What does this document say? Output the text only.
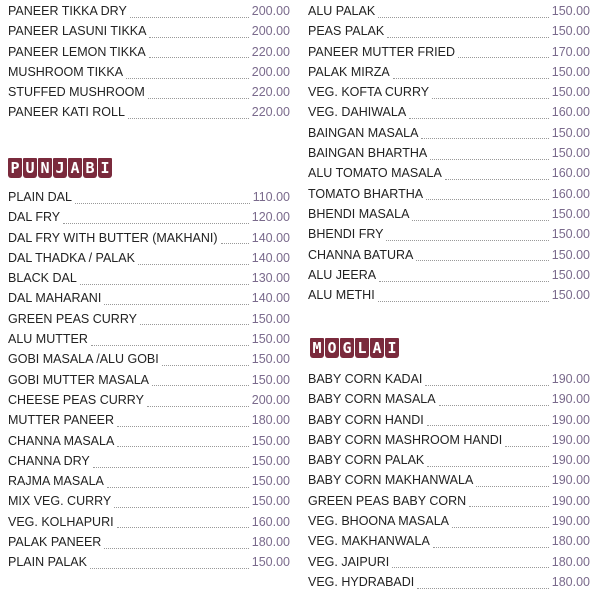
PANEER TIKKA DRY	200.00
PANEER LASUNI TIKKA	200.00
PANEER LEMON TIKKA	220.00
MUSHROOM TIKKA	200.00
STUFFED MUSHROOM	220.00
PANEER KATI ROLL	220.00
P U N J A B I
PLAIN DAL	110.00
DAL FRY	120.00
DAL FRY WITH BUTTER (MAKHANI)	140.00
DAL THADKA / PALAK	140.00
BLACK DAL	130.00
DAL MAHARANI	140.00
GREEN PEAS CURRY	150.00
ALU MUTTER	150.00
GOBI MASALA /ALU GOBI	150.00
GOBI MUTTER MASALA	150.00
CHEESE PEAS CURRY	200.00
MUTTER PANEER	180.00
CHANNA MASALA	150.00
CHANNA DRY	150.00
RAJMA MASALA	150.00
MIX VEG. CURRY	150.00
VEG. KOLHAPURI	160.00
PALAK PANEER	180.00
PLAIN PALAK	150.00
ALU PALAK	150.00
PEAS PALAK	150.00
PANEER MUTTER FRIED	170.00
PALAK MIRZA	150.00
VEG. KOFTA CURRY	150.00
VEG. DAHIWALA	160.00
BAINGAN MASALA	150.00
BAINGAN BHARTHA	150.00
ALU TOMATO MASALA	160.00
TOMATO BHARTHA	160.00
BHENDI MASALA	150.00
BHENDI FRY	150.00
CHANNA BATURA	150.00
ALU JEERA	150.00
ALU METHI	150.00
M O G L A I
BABY CORN KADAI	190.00
BABY CORN MASALA	190.00
BABY CORN HANDI	190.00
BABY CORN MASHROOM HANDI	190.00
BABY CORN PALAK	190.00
BABY CORN MAKHANWALA	190.00
GREEN PEAS BABY CORN	190.00
VEG. BHOONA MASALA	190.00
VEG. MAKHANWALA	180.00
VEG. JAIPURI	180.00
VEG. HYDRABADI	180.00
